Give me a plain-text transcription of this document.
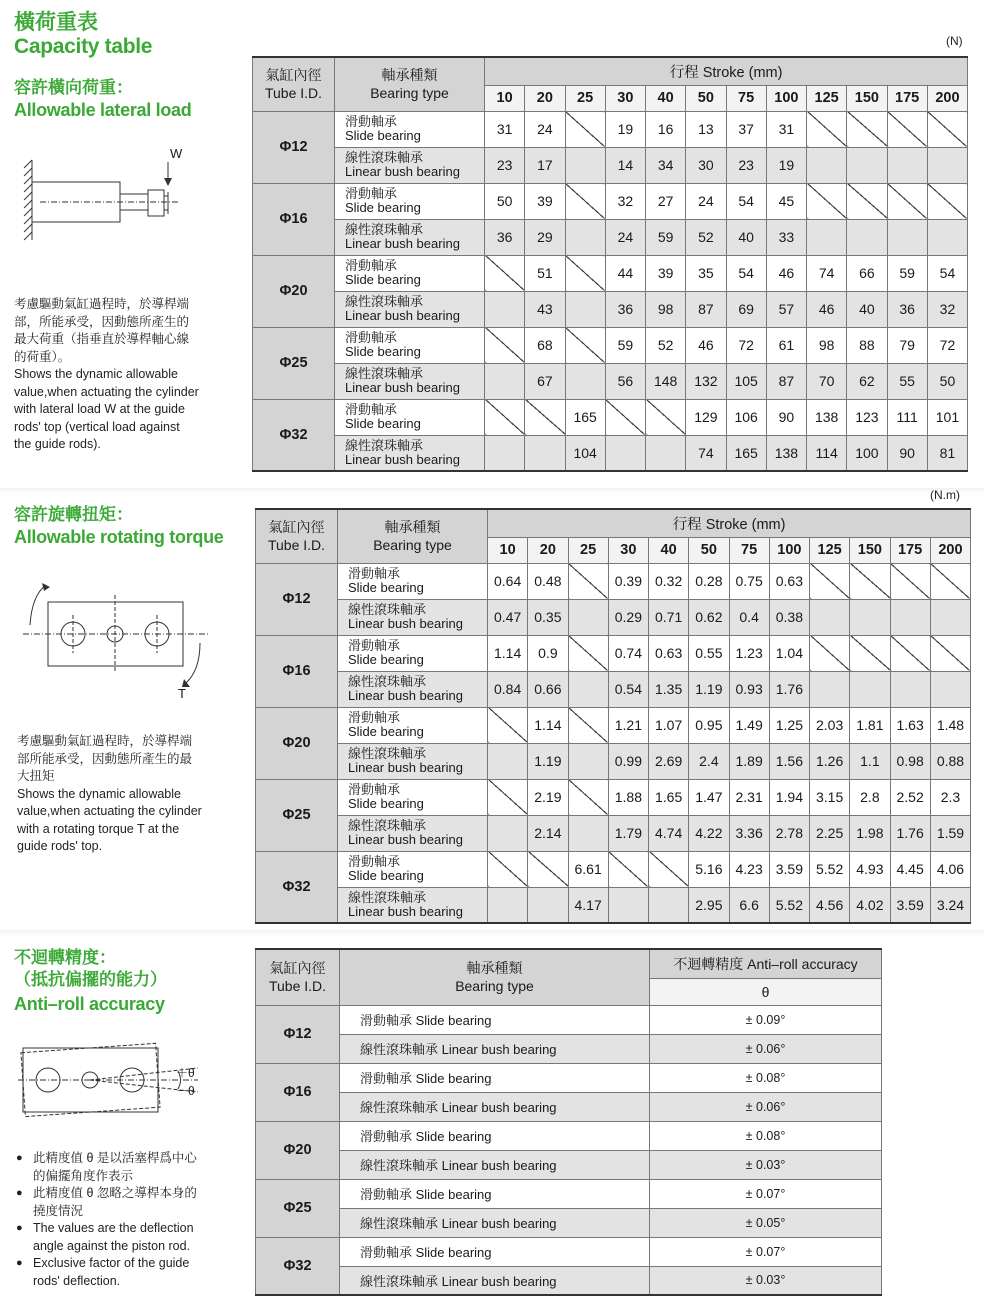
橫荷重表
Capacity table
容許橫向荷重：
Allowable lateral load
W
考慮驅動氣缸過程時，於導桿端
部，所能承受，因動態所產生的
最大荷重（指垂直於導桿軸心線
的荷重）。
Shows the dynamic allowable
value,when actuating the cylinder
with lateral load W at the guide
rods' top (vertical load against
the guide rods).
(N)
氣缸內徑
Tube I.D.	軸承種類
Bearing type	行程 Stroke (mm)											
		10	20	25	30	40	50	75	100	125	150	175	200
Φ12	滑動軸承
Slide bearing	31	24		19	16	13	37	31				

	線性滾珠軸承
Linear bush bearing	23	17		14	34	30	23	19				
Φ16	滑動軸承
Slide bearing	50	39		32	27	24	54	45				

	線性滾珠軸承
Linear bush bearing	36	29		24	59	52	40	33				
Φ20	滑動軸承
Slide bearing		51		44	39	35	54	46	74	66	59	54

	線性滾珠軸承
Linear bush bearing		43		36	98	87	69	57	46	40	36	32
Φ25	滑動軸承
Slide bearing		68		59	52	46	72	61	98	88	79	72

	線性滾珠軸承
Linear bush bearing		67		56	148	132	105	87	70	62	55	50
Φ32	滑動軸承
Slide bearing			165			129	106	90	138	123	111	101

	線性滾珠軸承
Linear bush bearing			104			74	165	138	114	100	90	81
容許旋轉扭矩：
Allowable rotating torque
T
考慮驅動氣缸過程時，於導桿端
部所能承受，因動態所產生的最
大扭矩
Shows the dynamic allowable
value,when actuating the cylinder
with a rotating torque T at the
guide rods' top.
(N.m)
氣缸內徑
Tube I.D.	軸承種類
Bearing type	行程 Stroke (mm)											
		10	20	25	30	40	50	75	100	125	150	175	200
Φ12	滑動軸承
Slide bearing	0.64	0.48		0.39	0.32	0.28	0.75	0.63				

	線性滾珠軸承
Linear bush bearing	0.47	0.35		0.29	0.71	0.62	0.4	0.38				
Φ16	滑動軸承
Slide bearing	1.14	0.9		0.74	0.63	0.55	1.23	1.04				

	線性滾珠軸承
Linear bush bearing	0.84	0.66		0.54	1.35	1.19	0.93	1.76				
Φ20	滑動軸承
Slide bearing		1.14		1.21	1.07	0.95	1.49	1.25	2.03	1.81	1.63	1.48

	線性滾珠軸承
Linear bush bearing		1.19		0.99	2.69	2.4	1.89	1.56	1.26	1.1	0.98	0.88
Φ25	滑動軸承
Slide bearing		2.19		1.88	1.65	1.47	2.31	1.94	3.15	2.8	2.52	2.3

	線性滾珠軸承
Linear bush bearing		2.14		1.79	4.74	4.22	3.36	2.78	2.25	1.98	1.76	1.59
Φ32	滑動軸承
Slide bearing			6.61			5.16	4.23	3.59	5.52	4.93	4.45	4.06

	線性滾珠軸承
Linear bush bearing			4.17			2.95	6.6	5.52	4.56	4.02	3.59	3.24
不迴轉精度：
（抵抗偏擺的能力）
Anti–roll accuracy
＋θ
－θ
● 此精度值 θ 是以活塞桿爲中心
的偏擺角度作表示
● 此精度值 θ 忽略之導桿本身的
撓度情況
● The values are the deflection
angle against the piston rod.
● Exclusive factor of the guide
rods' deflection.
氣缸內徑
Tube I.D.	軸承種類
Bearing type	不迴轉精度 Anti–roll accuracy
		θ
Φ12	滑動軸承 Slide bearing	± 0.09°
	線性滾珠軸承 Linear bush bearing	± 0.06°
Φ16	滑動軸承 Slide bearing	± 0.08°
	線性滾珠軸承 Linear bush bearing	± 0.06°
Φ20	滑動軸承 Slide bearing	± 0.08°
	線性滾珠軸承 Linear bush bearing	± 0.03°
Φ25	滑動軸承 Slide bearing	± 0.07°
	線性滾珠軸承 Linear bush bearing	± 0.05°
Φ32	滑動軸承 Slide bearing	± 0.07°
	線性滾珠軸承 Linear bush bearing	± 0.03°
